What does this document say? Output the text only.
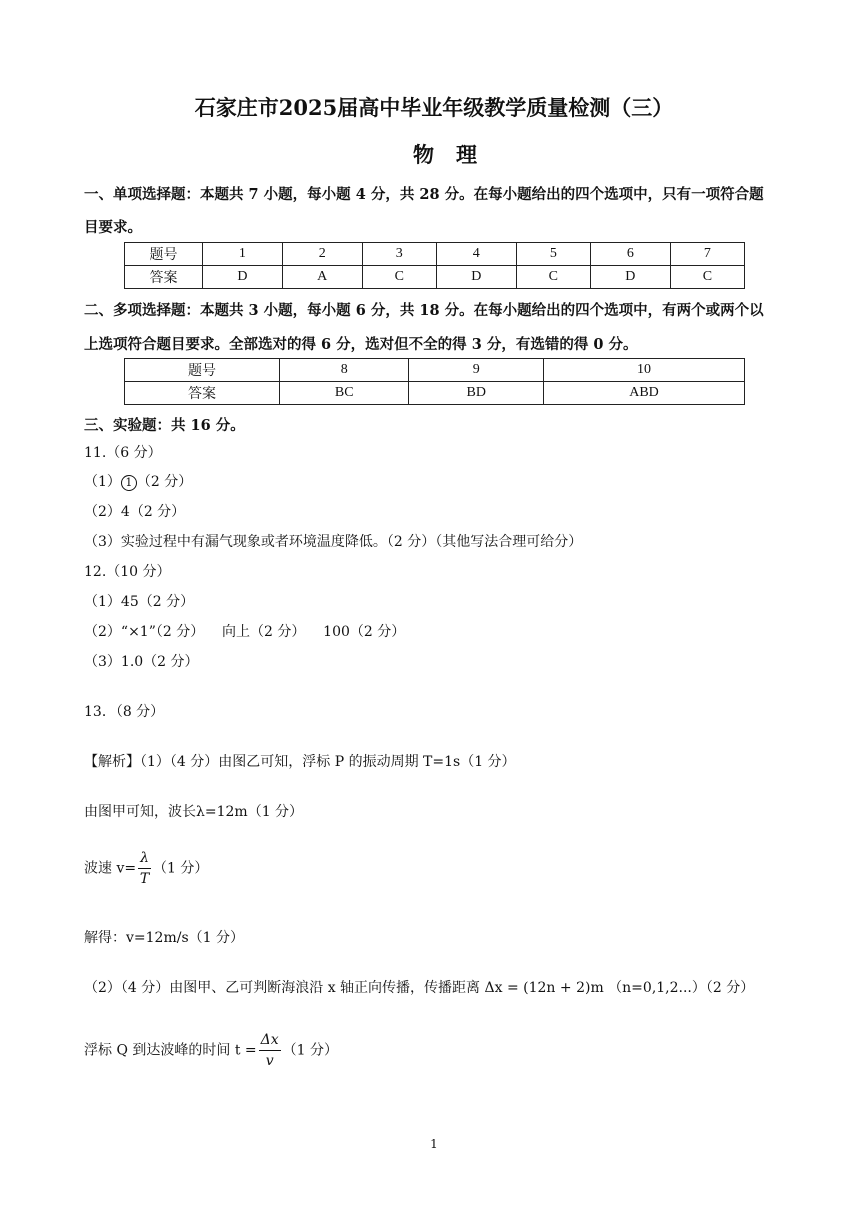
石家庄市2025届高中毕业年级教学质量检测（三）
物理
一、单项选择题：本题共 7 小题，每小题 4 分，共 28 分。在每小题给出的四个选项中，只有一项符合题
目要求。
题号	1	2	3	4	5	6	7
答案	D	A	C	D	C	D	C
二、多项选择题：本题共 3 小题，每小题 6 分，共 18 分。在每小题给出的四个选项中，有两个或两个以
上选项符合题目要求。全部选对的得 6 分，选对但不全的得 3 分，有选错的得 0 分。
题号	8	9	10
答案	BC	BD	ABD
三、实验题：共 16 分。
11.（6 分）
（1） 1 （2 分）
（2）4（2 分）
（3）实验过程中有漏气现象或者环境温度降低。（2 分）（其他写法合理可给分）
12.（10 分）
（1）45（2 分）
（2）“×1”（2 分）    向上（2 分）    100（2 分）
（3）1.0（2 分）
13．（8 分）
【解析】（1）（4 分）由图乙可知，浮标 P 的振动周期 T=1s（1 分）
由图甲可知，波长λ=12m（1 分）
波速 $v= \frac{\lambda}{T} (1$ 分）
解得：v=12m/s（1 分）
（2）（4 分）由图甲、乙可判断海浪沿 x 轴正向传播，传播距离 Δx = (12n + 2)m （n=0,1,2...）（2 分）
浮标 Q 到达波峰的时间 $t = \frac{\Delta x}{v} (1$ 分）
1
